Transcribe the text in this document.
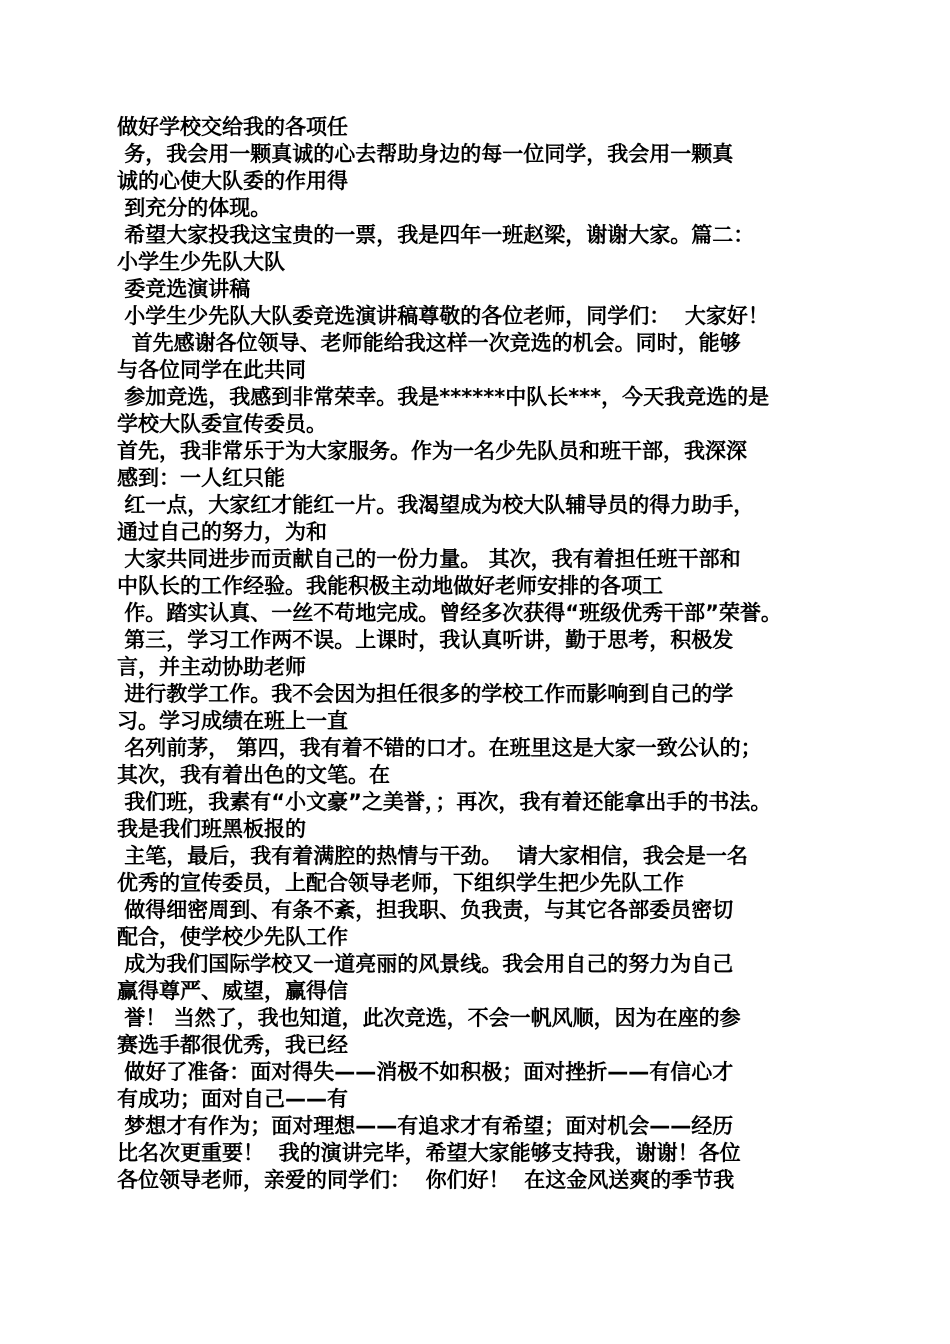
做好学校交给我的各项任
务，我会用一颗真诚的心去帮助身边的每一位同学，我会用一颗真
诚的心使大队委的作用得
到充分的体现。
希望大家投我这宝贵的一票，我是四年一班赵梁，谢谢大家。篇二：
小学生少先队大队
委竞选演讲稿
小学生少先队大队委竞选演讲稿尊敬的各位老师，同学们：  大家好！
首先感谢各位领导、老师能给我这样一次竞选的机会。同时，能够
与各位同学在此共同
参加竞选，我感到非常荣幸。我是******中队长***，今天我竞选的是
学校大队委宣传委员。
首先，我非常乐于为大家服务。作为一名少先队员和班干部，我深深
感到：一人红只能
红一点，大家红才能红一片。我渴望成为校大队辅导员的得力助手，
通过自己的努力，为和
大家共同进步而贡献自己的一份力量。 其次，我有着担任班干部和
中队长的工作经验。我能积极主动地做好老师安排的各项工
作。踏实认真、一丝不苟地完成。曾经多次获得“班级优秀干部”荣誉。
第三，学习工作两不误。上课时，我认真听讲，勤于思考，积极发
言，并主动协助老师
进行教学工作。我不会因为担任很多的学校工作而影响到自己的学
习。学习成绩在班上一直
名列前茅， 第四，我有着不错的口才。在班里这是大家一致公认的；
其次，我有着出色的文笔。在
我们班，我素有“小文豪”之美誉，；再次，我有着还能拿出手的书法。
我是我们班黑板报的
主笔，最后，我有着满腔的热情与干劲。  请大家相信，我会是一名
优秀的宣传委员，上配合领导老师，下组织学生把少先队工作
做得细密周到、有条不紊，担我职、负我责，与其它各部委员密切
配合，使学校少先队工作
成为我们国际学校又一道亮丽的风景线。我会用自己的努力为自己
赢得尊严、威望，赢得信
誉！ 当然了，我也知道，此次竞选，不会一帆风顺，因为在座的参
赛选手都很优秀，我已经
做好了准备：面对得失——消极不如积极；面对挫折——有信心才
有成功；面对自己——有
梦想才有作为；面对理想——有追求才有希望；面对机会——经历
比名次更重要！  我的演讲完毕，希望大家能够支持我，谢谢！各位
各位领导老师，亲爱的同学们：  你们好！  在这金风送爽的季节我
